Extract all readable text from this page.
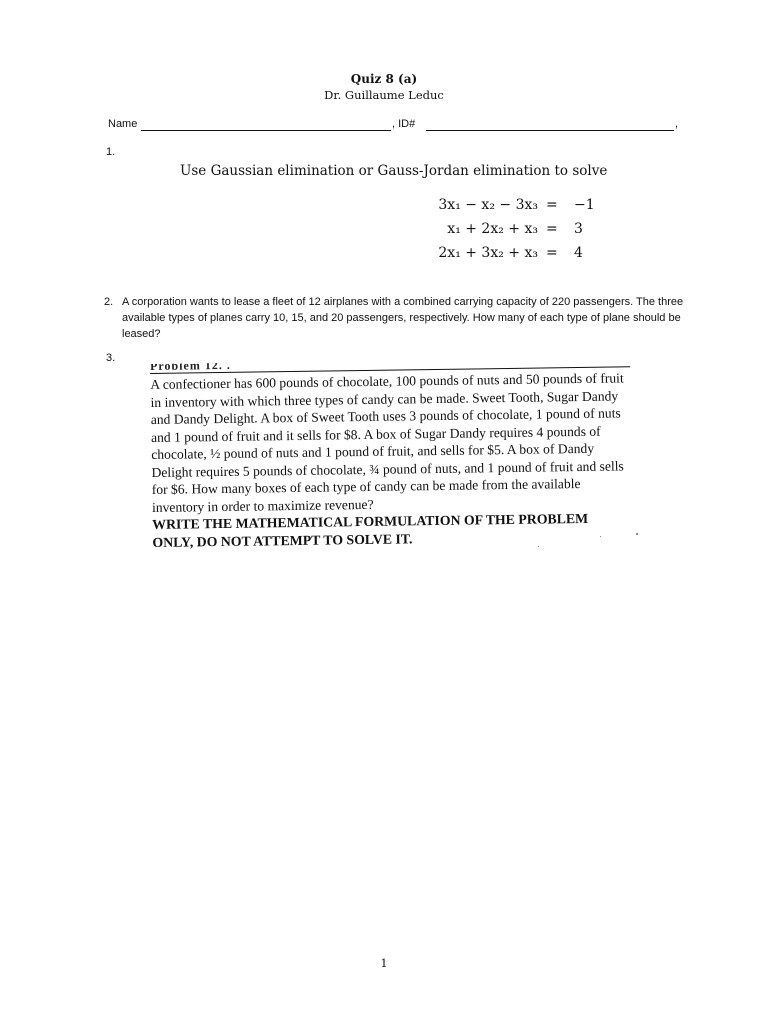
Quiz 8 (a)
Dr. Guillaume Leduc
Name	, ID#	,
1.
Use Gaussian elimination or Gauss-Jordan elimination to solve
3x₁ − x₂ − 3x₃ = −1
x₁ + 2x₂ + x₃ = 3
2x₁ + 3x₂ + x₃ = 4
2. A corporation wants to lease a fleet of 12 airplanes with a combined carrying capacity of 220 passengers. The three available types of planes carry 10, 15, and 20 passengers, respectively. How many of each type of plane should be leased?
3.	Problem 12. .
A confectioner has 600 pounds of chocolate, 100 pounds of nuts and 50 pounds of fruit in inventory with which three types of candy can be made. Sweet Tooth, Sugar Dandy and Dandy Delight. A box of Sweet Tooth uses 3 pounds of chocolate, 1 pound of nuts and 1 pound of fruit and it sells for $8. A box of Sugar Dandy requires 4 pounds of chocolate, ½ pound of nuts and 1 pound of fruit, and sells for $5. A box of Dandy Delight requires 5 pounds of chocolate, ¾ pound of nuts, and 1 pound of fruit and sells for $6. How many boxes of each type of candy can be made from the available inventory in order to maximize revenue?
WRITE THE MATHEMATICAL FORMULATION OF THE PROBLEM ONLY, DO NOT ATTEMPT TO SOLVE IT.
1
